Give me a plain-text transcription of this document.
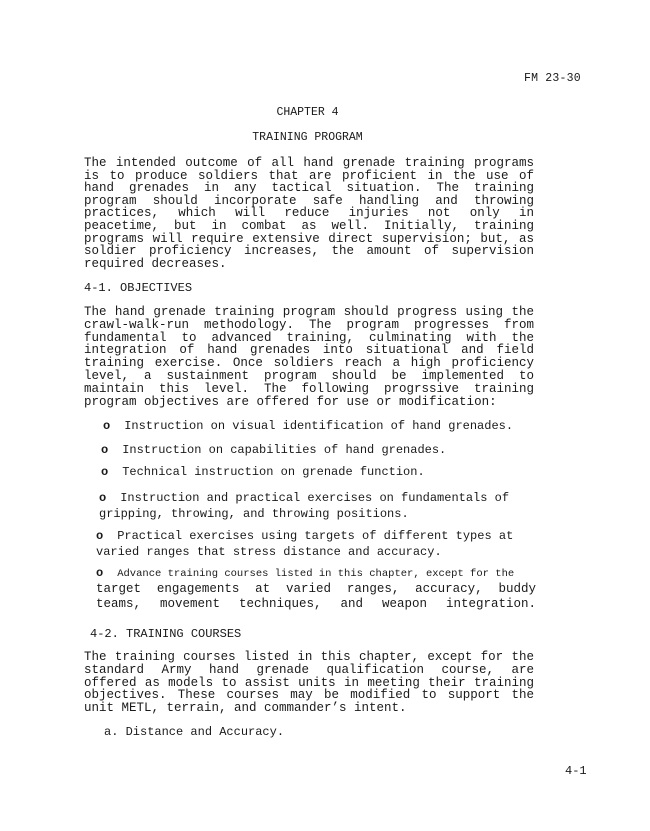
FM 23-30
CHAPTER 4
TRAINING PROGRAM
The intended outcome of all hand grenade training programs is to produce soldiers that are proficient in the use of hand grenades in any tactical situation. The training program should incorporate safe handling and throwing practices, which will reduce injuries not only in peacetime, but in combat as well. Initially, training programs will require extensive direct supervision; but, as soldier proficiency increases, the amount of supervision required decreases.
4-1. OBJECTIVES
The hand grenade training program should progress using the crawl-walk-run methodology. The program progresses from fundamental to advanced training, culminating with the integration of hand grenades into situational and field training exercise. Once soldiers reach a high proficiency level, a sustainment program should be implemented to maintain this level. The following progrssive training program objectives are offered for use or modification:
o Instruction on visual identification of hand grenades.
o Instruction on capabilities of hand grenades.
o Technical instruction on grenade function.
o Instruction and practical exercises on fundamentals of gripping, throwing, and throwing positions.
o Practical exercises using targets of different types at varied ranges that stress distance and accuracy.
o Advance training courses listed in this chapter, except for the
target engagements at varied ranges, accuracy, buddy
teams, movement techniques, and weapon integration.
4-2. TRAINING COURSES
The training courses listed in this chapter, except for the standard Army hand grenade qualification course, are offered as models to assist units in meeting their training objectives. These courses may be modified to support the unit METL, terrain, and commander’s intent.
a. Distance and Accuracy.
4-1
